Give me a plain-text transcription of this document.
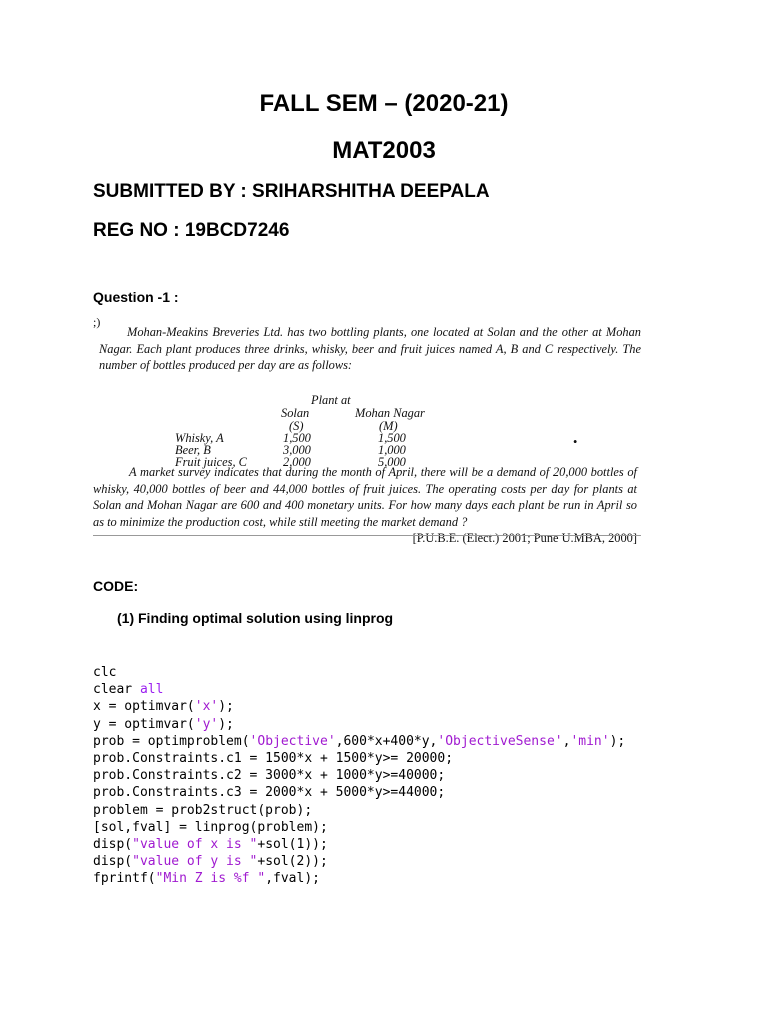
FALL SEM – (2020-21)
MAT2003

SUBMITTED BY : SRIHARSHITHA DEEPALA

REG NO : 19BCD7246

Question -1 :

;)
Mohan-Meakins Breveries Ltd. has two bottling plants, one located at Solan and the other at Mohan Nagar. Each plant produces three drinks, whisky, beer and fruit juices named A, B and C respectively. The number of bottles produced per day are as follows:
Plant at
Solan	Mohan Nagar
(S)	(M)
Whisky, A	1,500	1,500
Beer, B	3,000	1,000
Fruit juices, C	2,000	5,000
•
A market survey indicates that during the month of April, there will be a demand of 20,000 bottles of whisky, 40,000 bottles of beer and 44,000 bottles of fruit juices. The operating costs per day for plants at Solan and Mohan Nagar are 600 and 400 monetary units. For how many days each plant be run in April so as to minimize the production cost, while still meeting the market demand ?
[P.U.B.E. (Elect.) 2001; Pune U.MBA, 2000]

CODE:

(1) Finding optimal solution using linprog

clc
clear all
x = optimvar('x');
y = optimvar('y');
prob = optimproblem('Objective',600*x+400*y,'ObjectiveSense','min');
prob.Constraints.c1 = 1500*x + 1500*y>= 20000;
prob.Constraints.c2 = 3000*x + 1000*y>=40000;
prob.Constraints.c3 = 2000*x + 5000*y>=44000;
problem = prob2struct(prob);
[sol,fval] = linprog(problem);
disp("value of x is "+sol(1));
disp("value of y is "+sol(2));
fprintf("Min Z is %f ",fval);
